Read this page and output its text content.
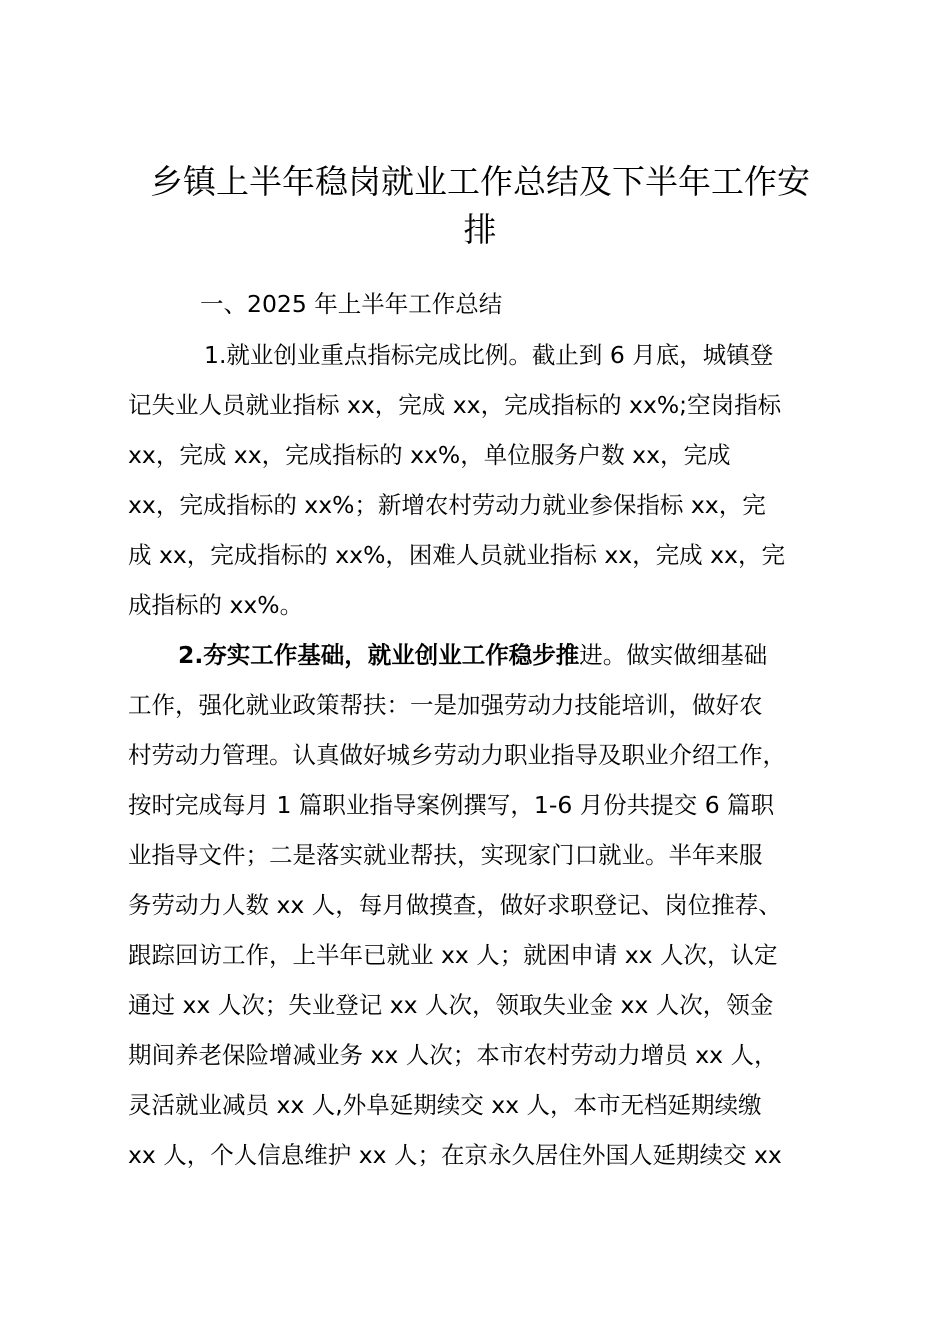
乡镇上半年稳岗就业工作总结及下半年工作安
排
一、2025 年上半年工作总结
1.就业创业重点指标完成比例。截止到 6 月底，城镇登
记失业人员就业指标 xx，完成 xx，完成指标的 xx%;空岗指标
xx，完成 xx，完成指标的 xx%，单位服务户数 xx，完成
xx，完成指标的 xx%；新增农村劳动力就业参保指标 xx，完
成 xx，完成指标的 xx%，困难人员就业指标 xx，完成 xx，完
成指标的 xx%。
2.夯实工作基础，就业创业工作稳步推进。做实做细基础
工作，强化就业政策帮扶：一是加强劳动力技能培训，做好农
村劳动力管理。认真做好城乡劳动力职业指导及职业介绍工作，
按时完成每月 1 篇职业指导案例撰写，1-6 月份共提交 6 篇职
业指导文件；二是落实就业帮扶，实现家门口就业。半年来服
务劳动力人数 xx 人，每月做摸查，做好求职登记、岗位推荐、
跟踪回访工作，上半年已就业 xx 人；就困申请 xx 人次，认定
通过 xx 人次；失业登记 xx 人次，领取失业金 xx 人次，领金
期间养老保险增减业务 xx 人次；本市农村劳动力增员 xx 人，
灵活就业减员 xx 人,外阜延期续交 xx 人，本市无档延期续缴
xx 人，个人信息维护 xx 人；在京永久居住外国人延期续交 xx
